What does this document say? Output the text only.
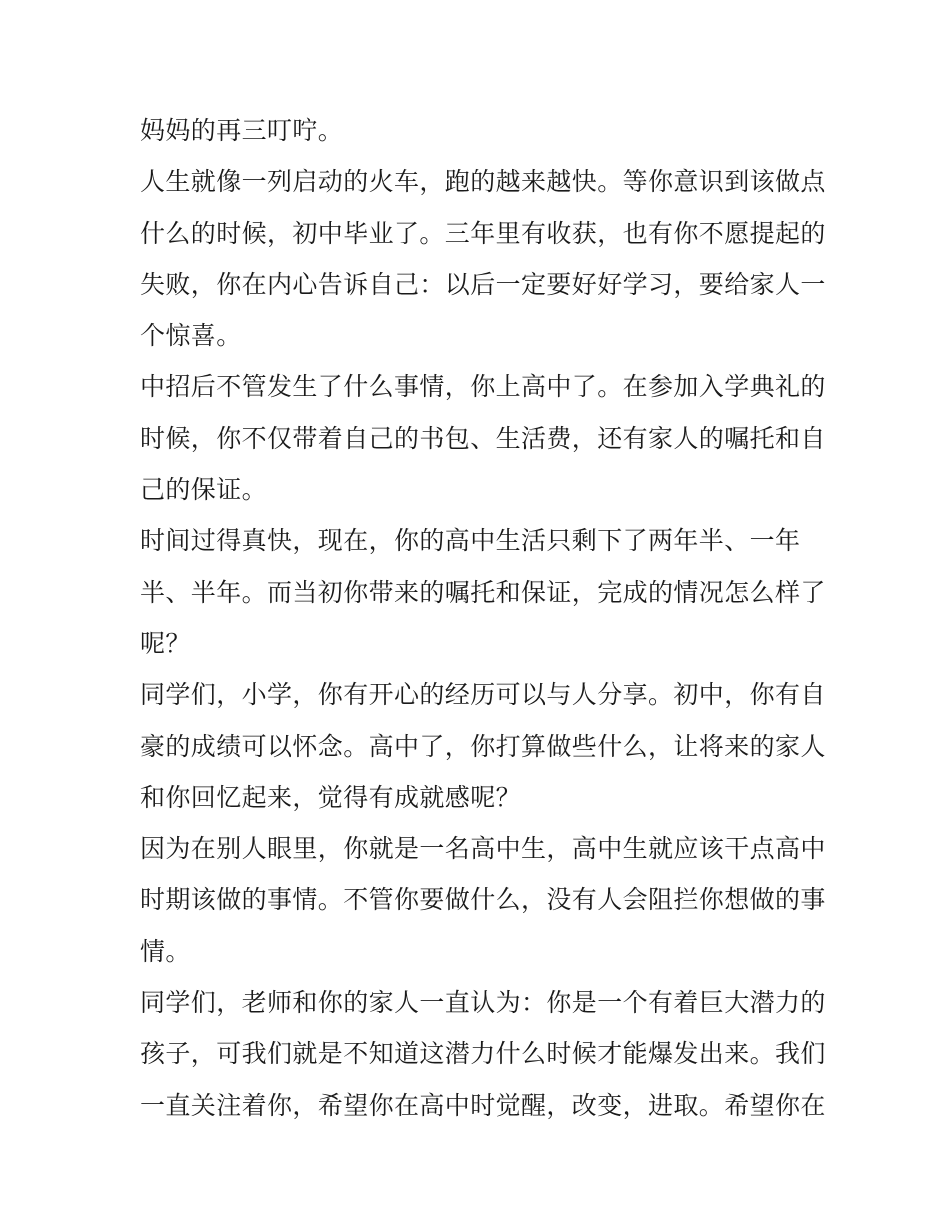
妈妈的再三叮咛。
人生就像一列启动的火车，跑的越来越快。等你意识到该做点
什么的时候，初中毕业了。三年里有收获，也有你不愿提起的
失败，你在内心告诉自己：以后一定要好好学习，要给家人一
个惊喜。
中招后不管发生了什么事情，你上高中了。在参加入学典礼的
时候，你不仅带着自己的书包、生活费，还有家人的嘱托和自
己的保证。
时间过得真快，现在，你的高中生活只剩下了两年半、一年
半、半年。而当初你带来的嘱托和保证，完成的情况怎么样了
呢？
同学们，小学，你有开心的经历可以与人分享。初中，你有自
豪的成绩可以怀念。高中了，你打算做些什么，让将来的家人
和你回忆起来，觉得有成就感呢？
因为在别人眼里，你就是一名高中生，高中生就应该干点高中
时期该做的事情。不管你要做什么，没有人会阻拦你想做的事
情。
同学们，老师和你的家人一直认为：你是一个有着巨大潜力的
孩子，可我们就是不知道这潜力什么时候才能爆发出来。我们
一直关注着你，希望你在高中时觉醒，改变，进取。希望你在
